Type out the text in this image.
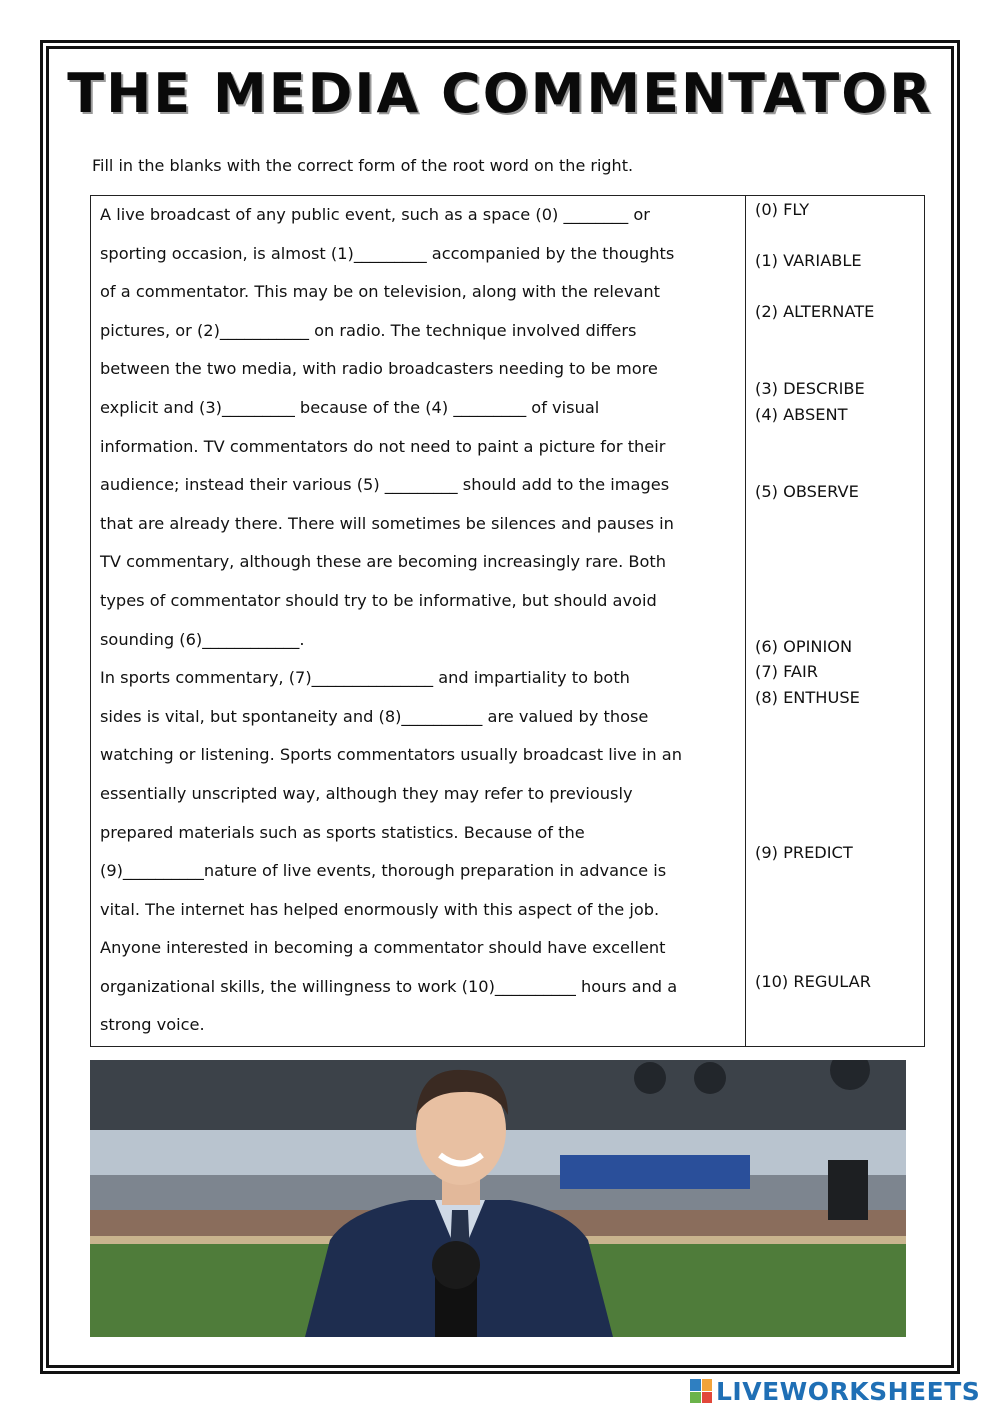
THE MEDIA COMMENTATOR

Fill in the blanks with the correct form of the root word on the right.

A live broadcast of any public event, such as a space (0) ________ or
sporting occasion, is almost (1)_________ accompanied by the thoughts
of a commentator. This may be on television, along with the relevant
pictures, or (2)___________ on radio. The technique involved differs
between the two media, with radio broadcasters needing to be more
explicit and (3)_________ because of the (4) _________ of visual
information. TV commentators do not need to paint a picture for their
audience; instead their various (5) _________ should add to the images
that are already there. There will sometimes be silences and pauses in
TV commentary, although these are becoming increasingly rare. Both
types of commentator should try to be informative, but should avoid
sounding (6)____________.
In sports commentary, (7)_______________ and impartiality to both
sides is vital, but spontaneity and (8)__________ are valued by those
watching or listening. Sports commentators usually broadcast live in an
essentially unscripted way, although they may refer to previously
prepared materials such as sports statistics. Because of the
(9)__________nature of live events, thorough preparation in advance is
vital. The internet has helped enormously with this aspect of the job.
Anyone interested in becoming a commentator should have excellent
organizational skills, the willingness to work (10)__________ hours and a
strong voice.
(0) FLY
(1) VARIABLE
(2) ALTERNATE
(3) DESCRIBE
(4) ABSENT
(5) OBSERVE
(6) OPINION
(7) FAIR
(8) ENTHUSE
(9) PREDICT
(10) REGULAR
LIVEWORKSHEETS
